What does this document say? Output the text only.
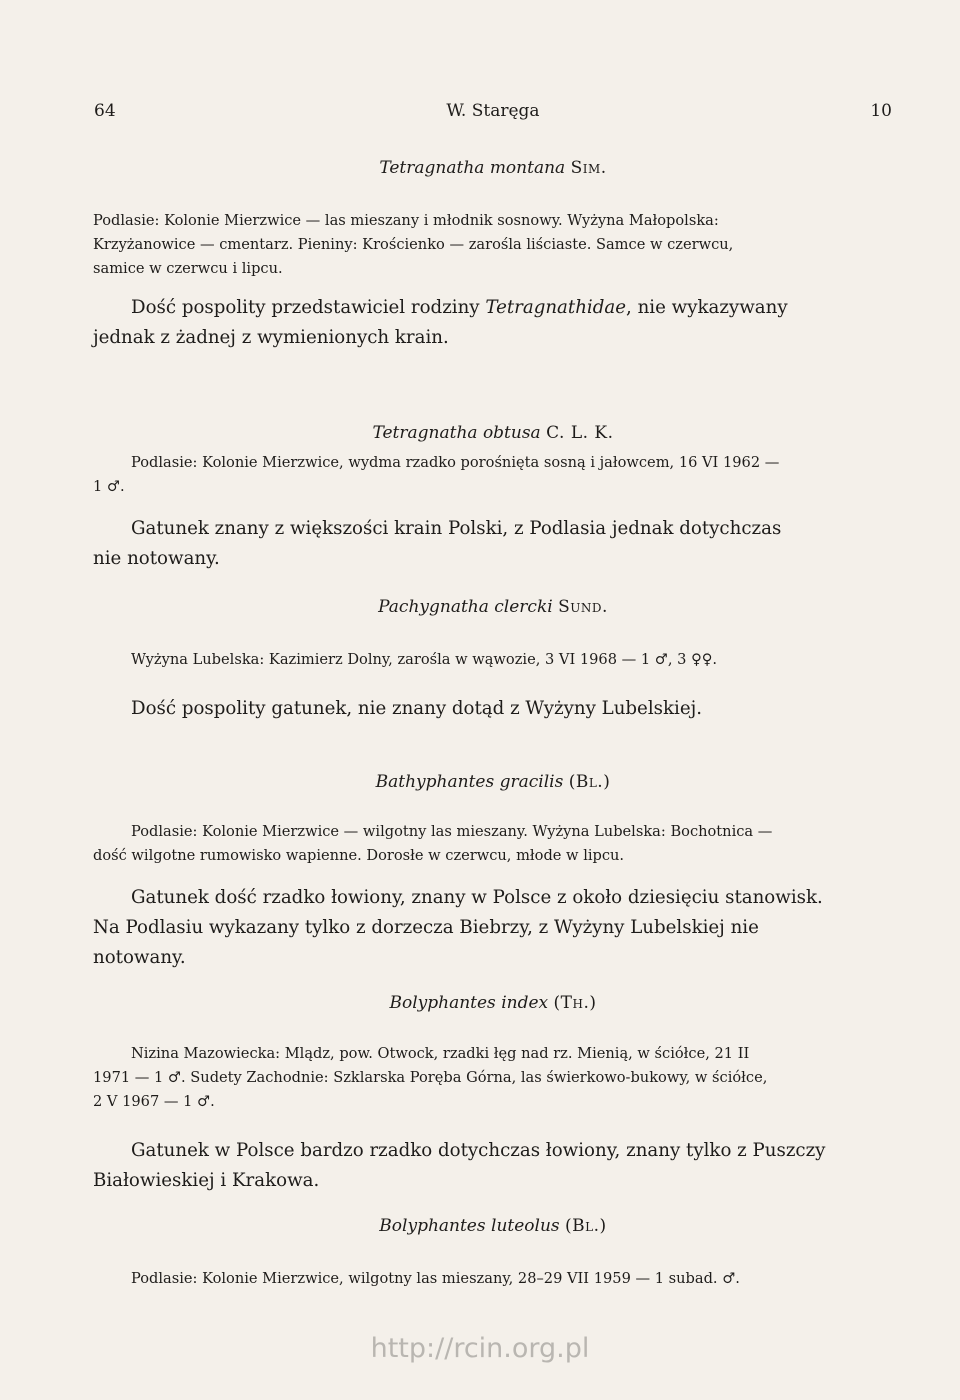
64	W. Staręga	10
Tetragnatha montana Sim.
Podlasie: Kolonie Mierzwice — las mieszany i młodnik sosnowy. Wyżyna Małopolska:
Krzyżanowice — cmentarz. Pieniny: Krościenko — zarośla liściaste. Samce w czerwcu,
samice w czerwcu i lipcu.
Dość pospolity przedstawiciel rodziny Tetragnathidae, nie wykazywany
jednak z żadnej z wymienionych krain.
Tetragnatha obtusa C. L. K.
Podlasie: Kolonie Mierzwice, wydma rzadko porośnięta sosną i jałowcem, 16 VI 1962 —
1 ♂.
Gatunek znany z większości krain Polski, z Podlasia jednak dotychczas
nie notowany.
Pachygnatha clercki Sund.
Wyżyna Lubelska: Kazimierz Dolny, zarośla w wąwozie, 3 VI 1968 — 1 ♂, 3 ♀♀.
Dość pospolity gatunek, nie znany dotąd z Wyżyny Lubelskiej.
Bathyphantes gracilis (Bl.)
Podlasie: Kolonie Mierzwice — wilgotny las mieszany. Wyżyna Lubelska: Bochotnica —
dość wilgotne rumowisko wapienne. Dorosłe w czerwcu, młode w lipcu.
Gatunek dość rzadko łowiony, znany w Polsce z około dziesięciu stanowisk.
Na Podlasiu wykazany tylko z dorzecza Biebrzy, z Wyżyny Lubelskiej nie
notowany.
Bolyphantes index (Th.)
Nizina Mazowiecka: Mlądz, pow. Otwock, rzadki łęg nad rz. Mienią, w ściółce, 21 II
1971 — 1 ♂. Sudety Zachodnie: Szklarska Poręba Górna, las świerkowo-bukowy, w ściółce,
2 V 1967 — 1 ♂.
Gatunek w Polsce bardzo rzadko dotychczas łowiony, znany tylko z Puszczy
Białowieskiej i Krakowa.
Bolyphantes luteolus (Bl.)
Podlasie: Kolonie Mierzwice, wilgotny las mieszany, 28–29 VII 1959 — 1 subad. ♂.
http://rcin.org.pl
